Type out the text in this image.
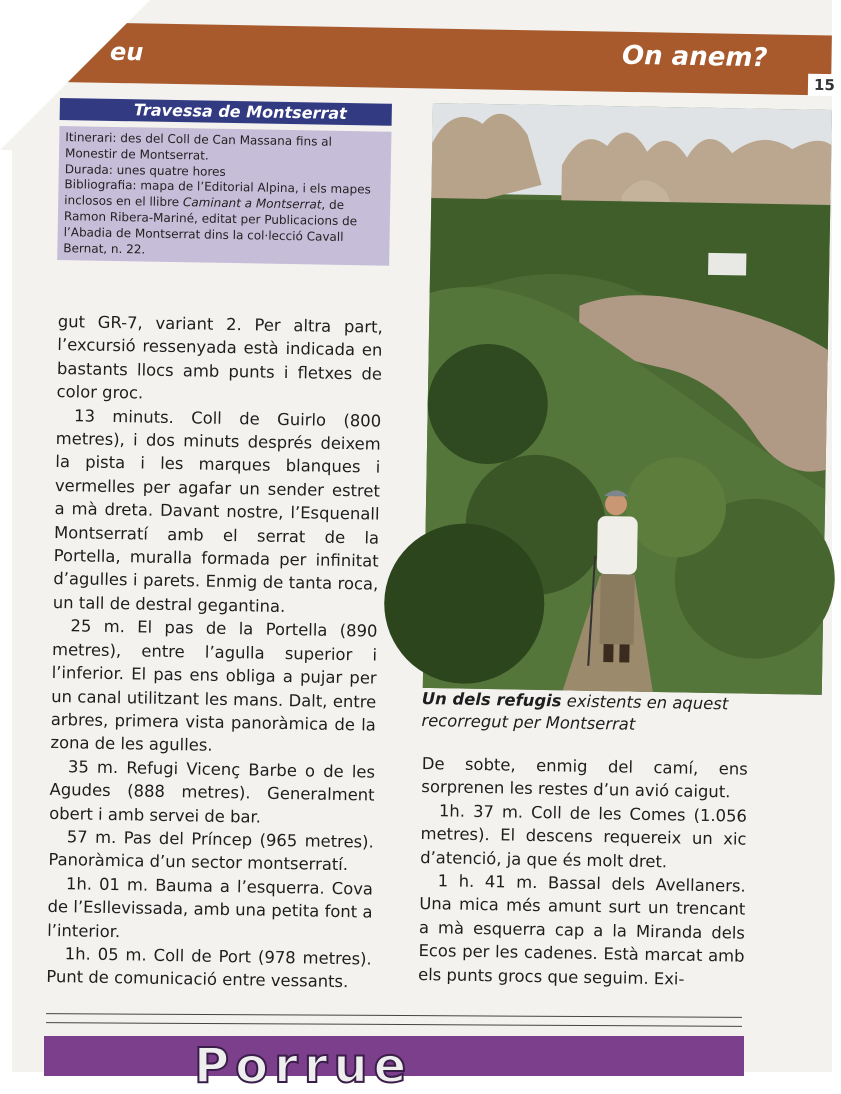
eu	On anem?
15
Travessa de Montserrat

Itinerari: des del Coll de Can Massana fins al Monestir de Montserrat.

Durada: unes quatre hores

Bibliografia: mapa de l’Editorial Alpina, i els mapes inclosos en el llibre Caminant a Montserrat, de Ramon Ribera-Mariné, editat per Publicacions de l’Abadia de Montserrat dins la col·lecció Cavall Bernat, n. 22.

gut GR-7, variant 2. Per altra part, l’excursió ressenyada està indicada en bastants llocs amb punts i fletxes de color groc.

13 minuts. Coll de Guirlo (800 metres), i dos minuts després deixem la pista i les marques blanques i vermelles per agafar un sender estret a mà dreta. Davant nostre, l’Esquenall Montserratí amb el serrat de la Portella, muralla formada per infinitat d’agulles i parets. Enmig de tanta roca, un tall de destral gegantina.

25 m. El pas de la Portella (890 metres), entre l’agulla superior i l’inferior. El pas ens obliga a pujar per un canal utilitzant les mans. Dalt, entre arbres, primera vista panoràmica de la zona de les agulles.

35 m. Refugi Vicenç Barbe o de les Agudes (888 metres). Generalment obert i amb servei de bar.

57 m. Pas del Príncep (965 metres). Panoràmica d’un sector montserratí.

1h. 01 m. Bauma a l’esquerra. Cova de l’Esllevissada, amb una petita font a l’interior.

1h. 05 m. Coll de Port (978 metres). Punt de comunicació entre vessants.

Un dels refugis existents en aquest recorregut per Montserrat

De sobte, enmig del camí, ens sorprenen les restes d’un avió caigut.

1h. 37 m. Coll de les Comes (1.056 metres). El descens requereix un xic d’atenció, ja que és molt dret.

1 h. 41 m. Bassal dels Avellaners. Una mica més amunt surt un trencant a mà esquerra cap a la Miranda dels Ecos per les cadenes. Està marcat amb els punts grocs que seguim. Exi-

Porrue
